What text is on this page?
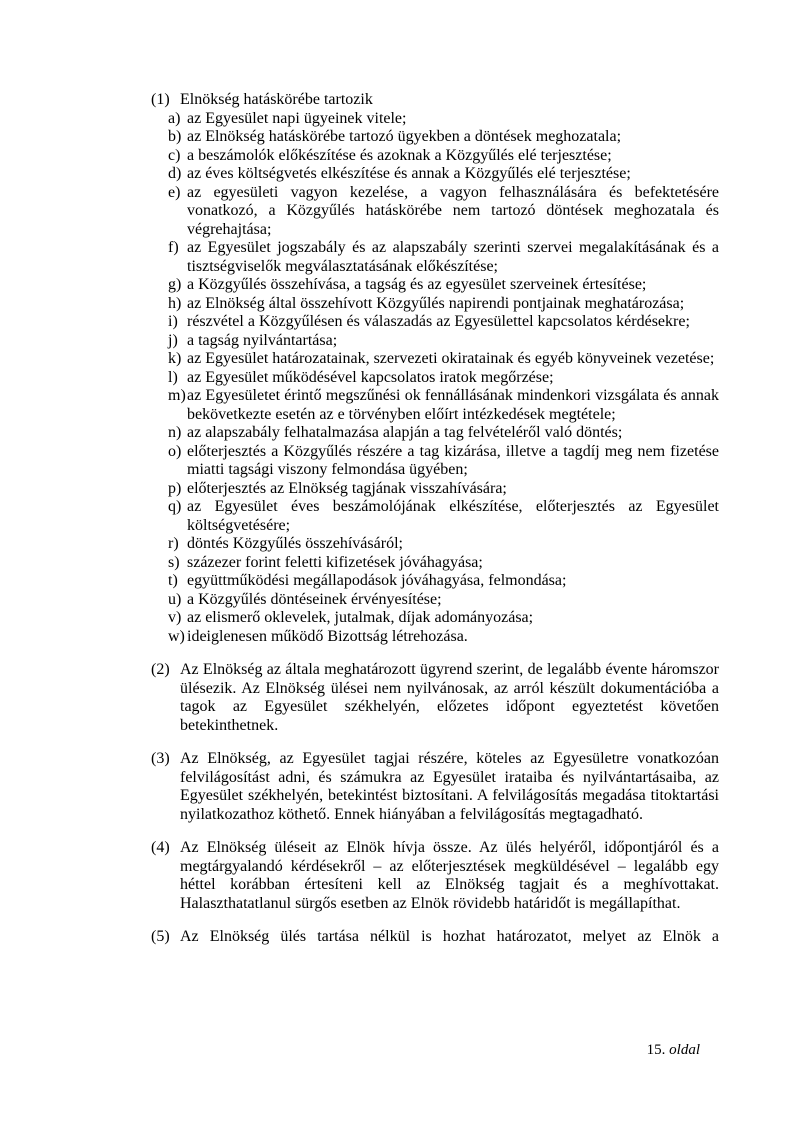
(1) Elnökség hatáskörébe tartozik
a) az Egyesület napi ügyeinek vitele;
b) az Elnökség hatáskörébe tartozó ügyekben a döntések meghozatala;
c) a beszámolók előkészítése és azoknak a Közgyűlés elé terjesztése;
d) az éves költségvetés elkészítése és annak a Közgyűlés elé terjesztése;
e) az egyesületi vagyon kezelése, a vagyon felhasználására és befektetésére vonatkozó, a Közgyűlés hatáskörébe nem tartozó döntések meghozatala és végrehajtása;
f) az Egyesület jogszabály és az alapszabály szerinti szervei megalakításának és a tisztségviselők megválasztatásának előkészítése;
g) a Közgyűlés összehívása, a tagság és az egyesület szerveinek értesítése;
h) az Elnökség által összehívott Közgyűlés napirendi pontjainak meghatározása;
i) részvétel a Közgyűlésen és válaszadás az Egyesülettel kapcsolatos kérdésekre;
j) a tagság nyilvántartása;
k) az Egyesület határozatainak, szervezeti okiratainak és egyéb könyveinek vezetése;
l) az Egyesület működésével kapcsolatos iratok megőrzése;
m) az Egyesületet érintő megszűnési ok fennállásának mindenkori vizsgálata és annak bekövetkezte esetén az e törvényben előírt intézkedések megtétele;
n) az alapszabály felhatalmazása alapján a tag felvételéről való döntés;
o) előterjesztés a Közgyűlés részére a tag kizárása, illetve a tagdíj meg nem fizetése miatti tagsági viszony felmondása ügyében;
p) előterjesztés az Elnökség tagjának visszahívására;
q) az Egyesület éves beszámolójának elkészítése, előterjesztés az Egyesület költségvetésére;
r) döntés Közgyűlés összehívásáról;
s) százezer forint feletti kifizetések jóváhagyása;
t) együttműködési megállapodások jóváhagyása, felmondása;
u) a Közgyűlés döntéseinek érvényesítése;
v) az elismerő oklevelek, jutalmak, díjak adományozása;
w) ideiglenesen működő Bizottság létrehozása.
(2) Az Elnökség az általa meghatározott ügyrend szerint, de legalább évente háromszor ülésezik. Az Elnökség ülései nem nyilvánosak, az arról készült dokumentációba a tagok az Egyesület székhelyén, előzetes időpont egyeztetést követően betekinthetnek.
(3) Az Elnökség, az Egyesület tagjai részére, köteles az Egyesületre vonatkozóan felvilágosítást adni, és számukra az Egyesület irataiba és nyilvántartásaiba, az Egyesület székhelyén, betekintést biztosítani. A felvilágosítás megadása titoktartási nyilatkozathoz köthető. Ennek hiányában a felvilágosítás megtagadható.
(4) Az Elnökség üléseit az Elnök hívja össze. Az ülés helyéről, időpontjáról és a megtárgyalandó kérdésekről – az előterjesztések megküldésével – legalább egy héttel korábban értesíteni kell az Elnökség tagjait és a meghívottakat. Halaszthatatlanul sürgős esetben az Elnök rövidebb határidőt is megállapíthat.
(5) Az Elnökség ülés tartása nélkül is hozhat határozatot, melyet az Elnök a
15. oldal
